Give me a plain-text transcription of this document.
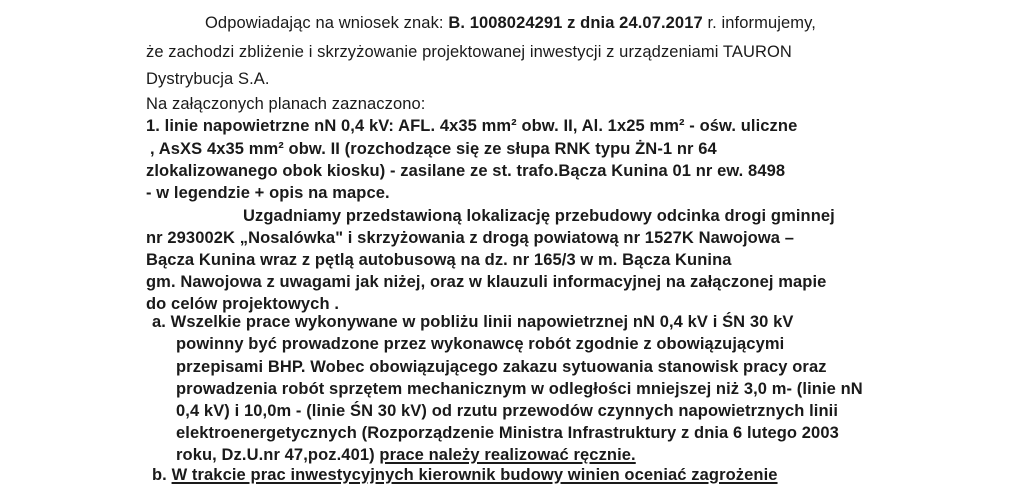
Odpowiadając na wniosek znak: B. 1008024291 z dnia 24.07.2017 r. informujemy,
że zachodzi zbliżenie i skrzyżowanie projektowanej inwestycji z urządzeniami TAURON
Dystrybucja S.A.
Na załączonych planach zaznaczono:
1. linie napowietrzne nN 0,4 kV: AFL. 4x35 mm² obw. II, Al. 1x25 mm² - ośw. uliczne
, AsXS 4x35 mm² obw. II (rozchodzące się ze słupa RNK typu ŻN-1 nr 64
zlokalizowanego obok kiosku) - zasilane ze st. trafo.Bącza Kunina 01 nr ew. 8498
- w legendzie + opis na mapce.
Uzgadniamy przedstawioną lokalizację przebudowy odcinka drogi gminnej
nr 293002K „Nosalówka" i skrzyżowania z drogą powiatową nr 1527K Nawojowa –
Bącza Kunina wraz z pętlą autobusową na dz. nr 165/3 w m. Bącza Kunina
gm. Nawojowa z uwagami jak niżej, oraz w klauzuli informacyjnej na załączonej mapie
do celów projektowych .
a. Wszelkie prace wykonywane w pobliżu linii napowietrznej nN 0,4 kV i ŚN 30 kV
powinny być prowadzone przez wykonawcę robót zgodnie z obowiązującymi
przepisami BHP. Wobec obowiązującego zakazu sytuowania stanowisk pracy oraz
prowadzenia robót sprzętem mechanicznym w odległości mniejszej niż 3,0 m- (linie nN
0,4 kV) i 10,0m - (linie ŚN 30 kV) od rzutu przewodów czynnych napowietrznych linii
elektroenergetycznych (Rozporządzenie Ministra Infrastruktury z dnia 6 lutego 2003
roku, Dz.U.nr 47,poz.401) prace należy realizować ręcznie.
b. W trakcie prac inwestycyjnych kierownik budowy winien oceniać zagrożenie
